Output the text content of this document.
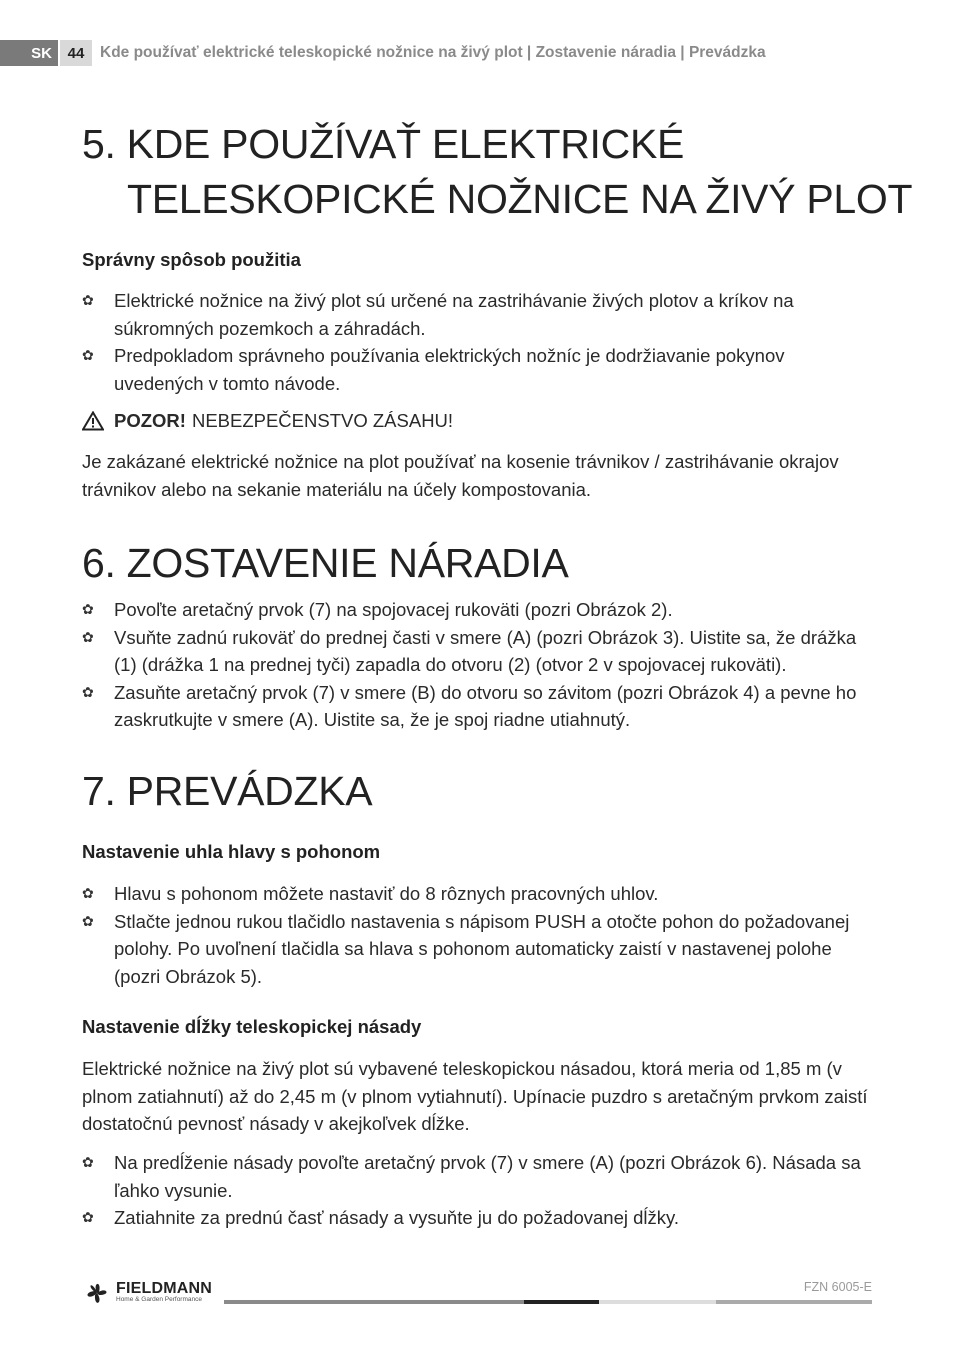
SK	44	Kde používať elektrické teleskopické nožnice na živý plot | Zostavenie náradia | Prevádzka
5. KDE POUŽÍVAŤ ELEKTRICKÉ
TELESKOPICKÉ NOŽNICE NA ŽIVÝ PLOT
Správny spôsob použitia
✿ Elektrické nožnice na živý plot sú určené na zastrihávanie živých plotov a kríkov na súkromných pozemkoch a záhradách.
✿ Predpokladom správneho používania elektrických nožníc je dodržiavanie pokynov uvedených v tomto návode.
POZOR! NEBEZPEČENSTVO ZÁSAHU!

Je zakázané elektrické nožnice na plot používať na kosenie trávnikov / zastrihávanie okrajov trávnikov alebo na sekanie materiálu na účely kompostovania.

6. ZOSTAVENIE NÁRADIA
✿ Povoľte aretačný prvok (7) na spojovacej rukoväti (pozri Obrázok 2).
✿ Vsuňte zadnú rukoväť do prednej časti v smere (A) (pozri Obrázok 3). Uistite sa, že drážka (1) (drážka 1 na prednej tyči) zapadla do otvoru (2) (otvor 2 v spojovacej rukoväti).
✿ Zasuňte aretačný prvok (7) v smere (B) do otvoru so závitom (pozri Obrázok 4) a pevne ho zaskrutkujte v smere (A). Uistite sa, že je spoj riadne utiahnutý.
7. PREVÁDZKA
Nastavenie uhla hlavy s pohonom
✿ Hlavu s pohonom môžete nastaviť do 8 rôznych pracovných uhlov.
✿ Stlačte jednou rukou tlačidlo nastavenia s nápisom PUSH a otočte pohon do požadovanej polohy. Po uvoľnení tlačidla sa hlava s pohonom automaticky zaistí v nastavenej polohe (pozri Obrázok 5).
Nastavenie dĺžky teleskopickej násady

Elektrické nožnice na živý plot sú vybavené teleskopickou násadou, ktorá meria od 1,85 m (v plnom zatiahnutí) až do 2,45 m (v plnom vytiahnutí). Upínacie puzdro s aretačným prvkom zaistí dostatočnú pevnosť násady v akejkoľvek dĺžke.

✿ Na predĺženie násady povoľte aretačný prvok (7) v smere (A) (pozri Obrázok 6). Násada sa ľahko vysunie.
✿ Zatiahnite za prednú časť násady a vysuňte ju do požadovanej dĺžky.
FIELDMANN
Home & Garden Performance
FZN 6005-E
